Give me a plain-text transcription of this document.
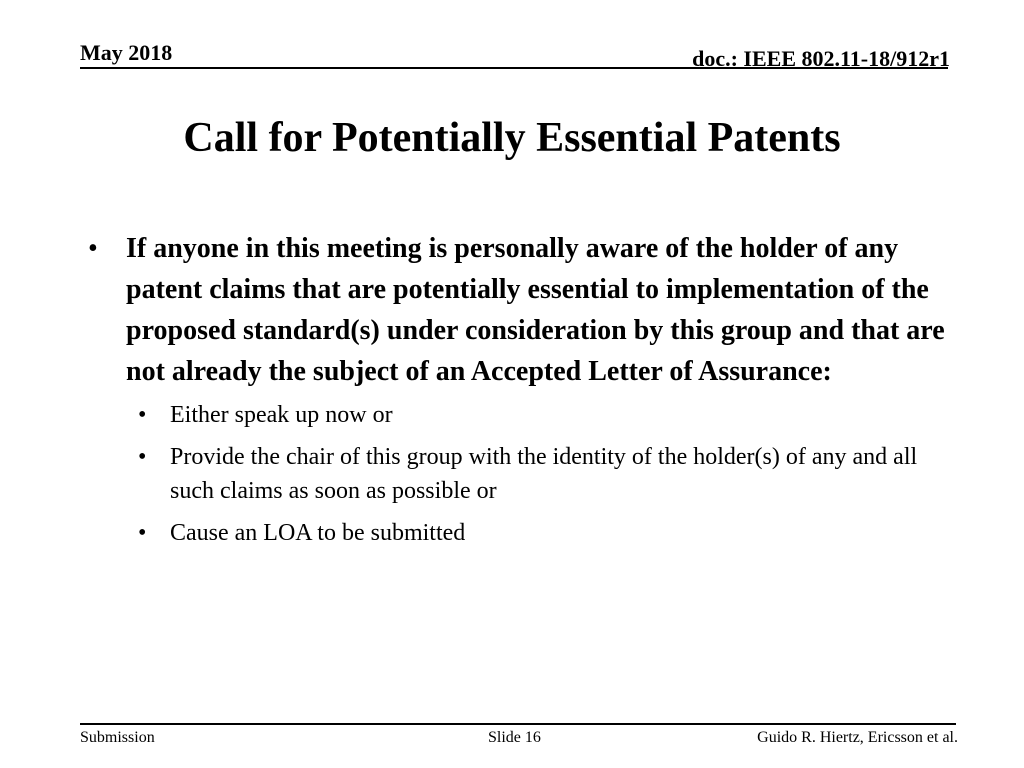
May 2018	doc.: IEEE 802.11-18/912r1
Call for Potentially Essential Patents
• If anyone in this meeting is personally aware of the holder of any patent claims that are potentially essential to implementation of the proposed standard(s) under consideration by this group and that are not already the subject of an Accepted Letter of Assurance:
• Either speak up now or
• Provide the chair of this group with the identity of the holder(s) of any and all such claims as soon as possible or
• Cause an LOA to be submitted
Submission	Slide 16	Guido R. Hiertz, Ericsson et al.
